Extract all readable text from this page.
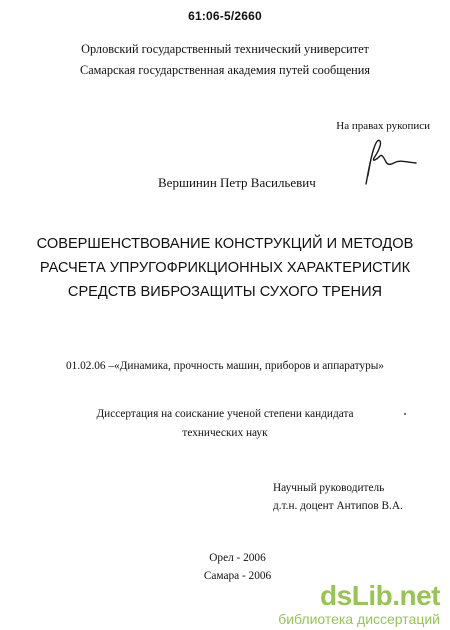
61:06-5/2660
Орловский государственный технический университет
Самарская государственная академия путей сообщения
На правах рукописи
Вершинин Петр Васильевич
СОВЕРШЕНСТВОВАНИЕ КОНСТРУКЦИЙ И МЕТОДОВ
РАСЧЕТА УПРУГОФРИКЦИОННЫХ ХАРАКТЕРИСТИК
СРЕДСТВ ВИБРОЗАЩИТЫ СУХОГО ТРЕНИЯ
01.02.06 –«Динамика, прочность машин, приборов и аппаратуры»
Диссертация на соискание ученой степени кандидата
технических наук
Научный руководитель
д.т.н. доцент Антипов В.А.
Орел - 2006
Самара - 2006
dsLib.net
библиотека диссертаций
